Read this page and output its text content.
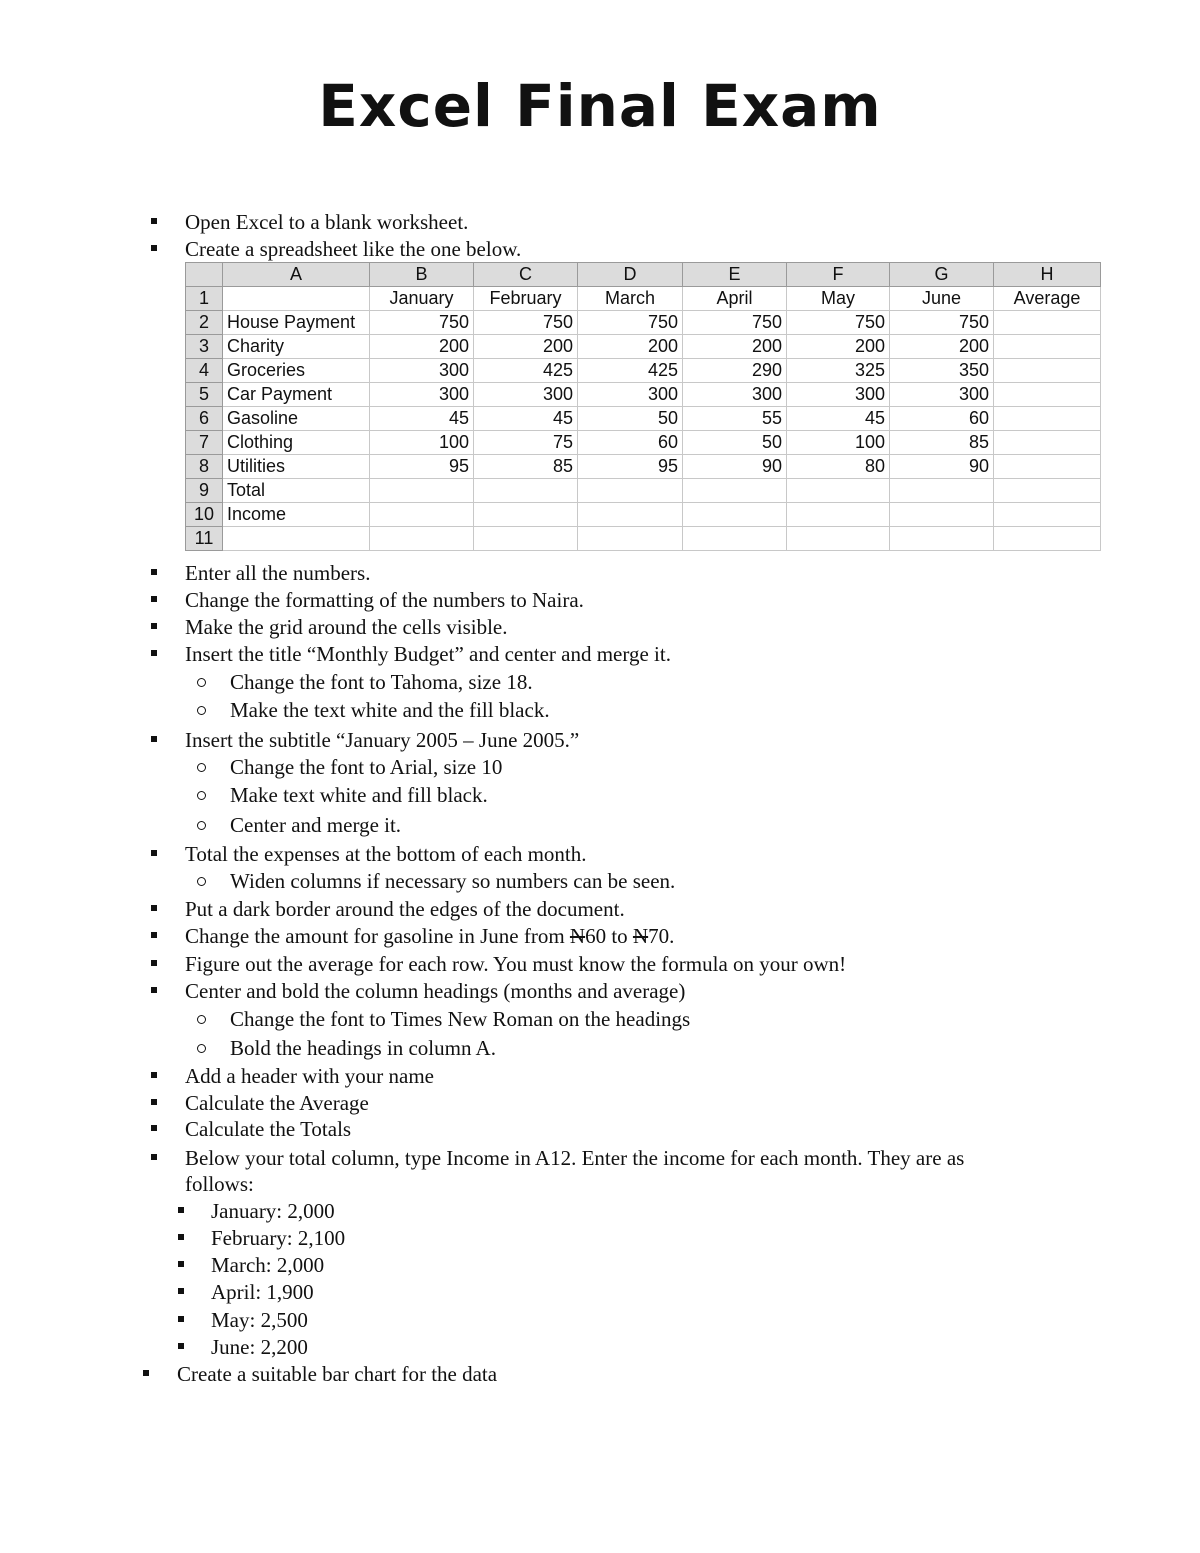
Excel Final Exam
Open Excel to a blank worksheet.
Create a spreadsheet like the one below.
	A	B	C	D	E	F	G	H
1		January	February	March	April	May	June	Average
2	House Payment	750	750	750	750	750	750	
3	Charity	200	200	200	200	200	200	
4	Groceries	300	425	425	290	325	350	
5	Car Payment	300	300	300	300	300	300	
6	Gasoline	45	45	50	55	45	60	
7	Clothing	100	75	60	50	100	85	
8	Utilities	95	85	95	90	80	90	
9	Total							
10	Income							
11								
Enter all the numbers.
Change the formatting of the numbers to Naira.
Make the grid around the cells visible.
Insert the title “Monthly Budget” and center and merge it.
Change the font to Tahoma, size 18.
Make the text white and the fill black.
Insert the subtitle “January 2005 – June 2005.”
Change the font to Arial, size 10
Make text white and fill black.
Center and merge it.
Total the expenses at the bottom of each month.
Widen columns if necessary so numbers can be seen.
Put a dark border around the edges of the document.
Change the amount for gasoline in June from N60 to N70.
Figure out the average for each row. You must know the formula on your own!
Center and bold the column headings (months and average)
Change the font to Times New Roman on the headings
Bold the headings in column A.
Add a header with your name
Calculate the Average
Calculate the Totals
Below your total column, type Income in A12. Enter the income for each month. They are as
follows:
January: 2,000
February: 2,100
March: 2,000
April: 1,900
May: 2,500
June: 2,200
Create a suitable bar chart for the data
